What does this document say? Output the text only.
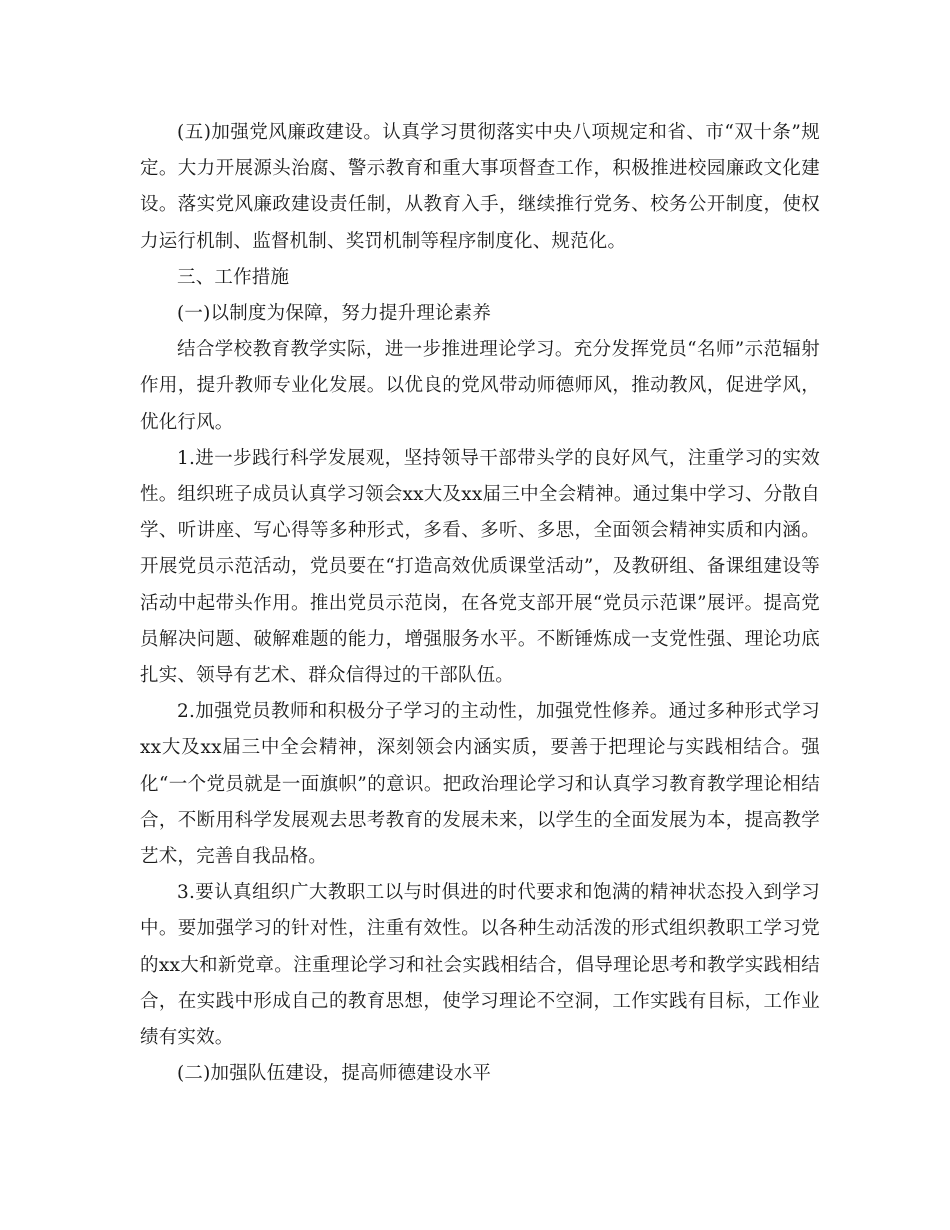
(五)加强党风廉政建设。认真学习贯彻落实中央八项规定和省、市“双十条”规定。大力开展源头治腐、警示教育和重大事项督查工作，积极推进校园廉政文化建设。落实党风廉政建设责任制，从教育入手，继续推行党务、校务公开制度，使权力运行机制、监督机制、奖罚机制等程序制度化、规范化。

三、工作措施

(一)以制度为保障，努力提升理论素养

结合学校教育教学实际，进一步推进理论学习。充分发挥党员“名师”示范辐射作用，提升教师专业化发展。以优良的党风带动师德师风，推动教风，促进学风，优化行风。

1.进一步践行科学发展观，坚持领导干部带头学的良好风气，注重学习的实效性。组织班子成员认真学习领会xx大及xx届三中全会精神。通过集中学习、分散自学、听讲座、写心得等多种形式，多看、多听、多思，全面领会精神实质和内涵。开展党员示范活动，党员要在“打造高效优质课堂活动”，及教研组、备课组建设等活动中起带头作用。推出党员示范岗，在各党支部开展“党员示范课”展评。提高党员解决问题、破解难题的能力，增强服务水平。不断锤炼成一支党性强、理论功底扎实、领导有艺术、群众信得过的干部队伍。

2.加强党员教师和积极分子学习的主动性，加强党性修养。通过多种形式学习xx大及xx届三中全会精神，深刻领会内涵实质，要善于把理论与实践相结合。强化“一个党员就是一面旗帜”的意识。把政治理论学习和认真学习教育教学理论相结合，不断用科学发展观去思考教育的发展未来，以学生的全面发展为本，提高教学艺术，完善自我品格。

3.要认真组织广大教职工以与时俱进的时代要求和饱满的精神状态投入到学习中。要加强学习的针对性，注重有效性。以各种生动活泼的形式组织教职工学习党的xx大和新党章。注重理论学习和社会实践相结合，倡导理论思考和教学实践相结合，在实践中形成自己的教育思想，使学习理论不空洞，工作实践有目标，工作业绩有实效。

(二)加强队伍建设，提高师德建设水平
